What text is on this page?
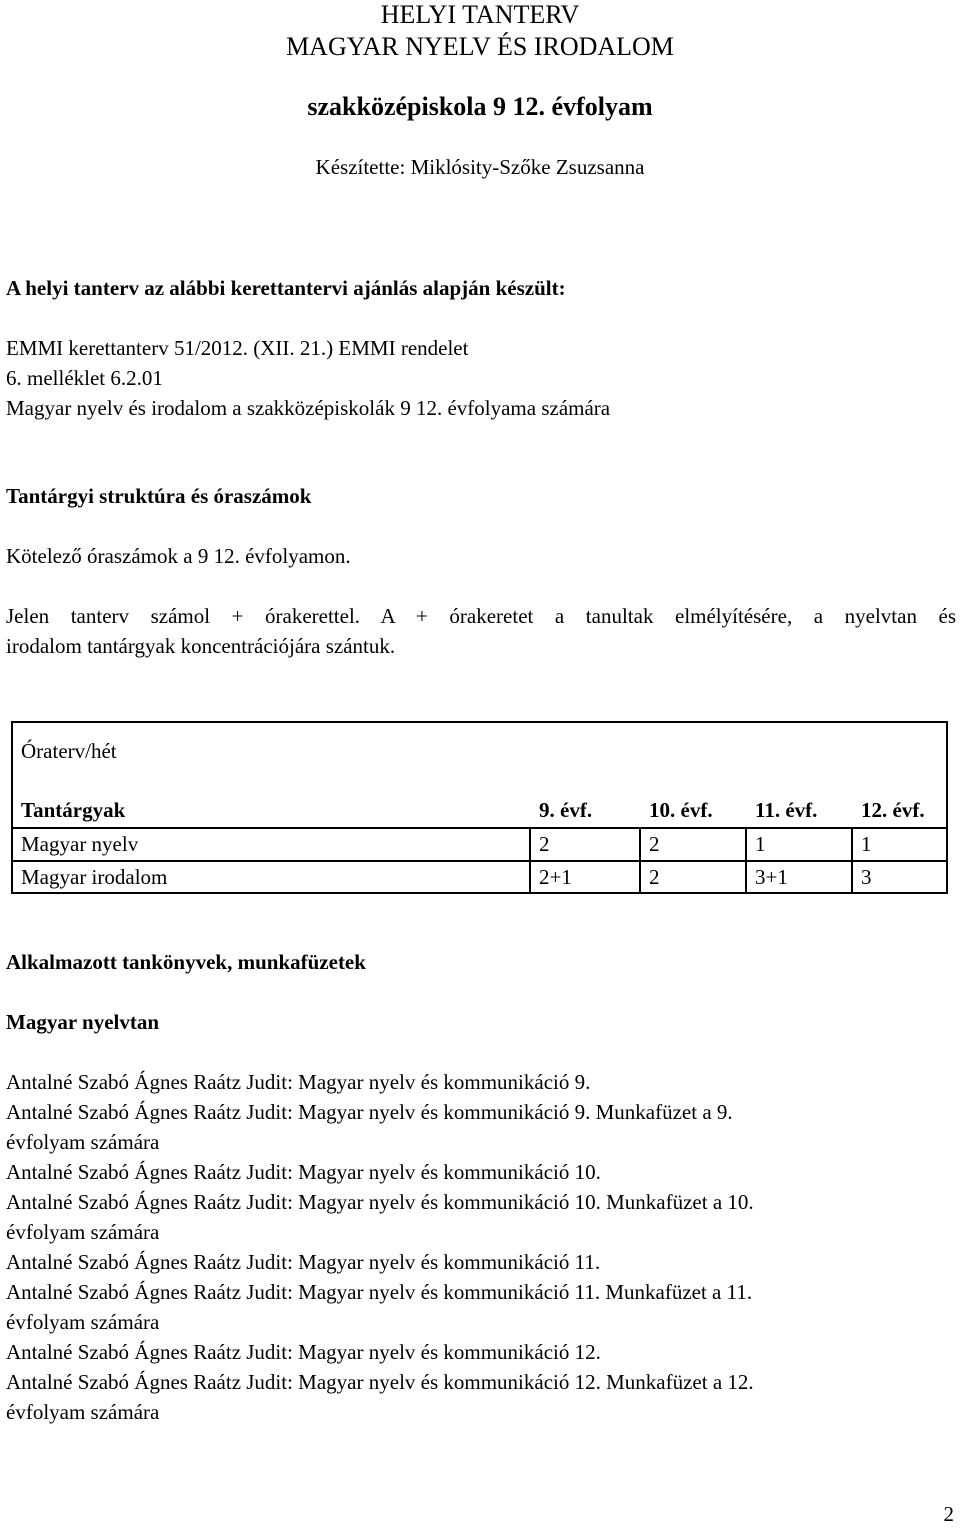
HELYI TANTERV
MAGYAR NYELV ÉS IRODALOM
szakközépiskola 9 12. évfolyam
Készítette: Miklósity-Szőke Zsuzsanna
A helyi tanterv az alábbi kerettantervi ajánlás alapján készült:
EMMI kerettanterv 51/2012. (XII. 21.) EMMI rendelet
6. melléklet 6.2.01
Magyar nyelv és irodalom a szakközépiskolák 9 12. évfolyama számára
Tantárgyi struktúra és óraszámok
Kötelező óraszámok a 9 12. évfolyamon.
Jelen tanterv számol + órakerettel. A + órakeretet a tanultak elmélyítésére, a nyelvtan és
irodalom tantárgyak koncentrációjára szántuk.
Óraterv/hét
Tantárgyak	9. évf.	10. évf.	11. évf.	12. évf.
Magyar nyelv	2	2	1	1
Magyar irodalom	2+1	2	3+1	3
Alkalmazott tankönyvek, munkafüzetek
Magyar nyelvtan
Antalné Szabó Ágnes Raátz Judit: Magyar nyelv és kommunikáció 9.
Antalné Szabó Ágnes Raátz Judit: Magyar nyelv és kommunikáció 9. Munkafüzet a 9.
évfolyam számára
Antalné Szabó Ágnes Raátz Judit: Magyar nyelv és kommunikáció 10.
Antalné Szabó Ágnes Raátz Judit: Magyar nyelv és kommunikáció 10. Munkafüzet a 10.
évfolyam számára
Antalné Szabó Ágnes Raátz Judit: Magyar nyelv és kommunikáció 11.
Antalné Szabó Ágnes Raátz Judit: Magyar nyelv és kommunikáció 11. Munkafüzet a 11.
évfolyam számára
Antalné Szabó Ágnes Raátz Judit: Magyar nyelv és kommunikáció 12.
Antalné Szabó Ágnes Raátz Judit: Magyar nyelv és kommunikáció 12. Munkafüzet a 12.
évfolyam számára
2
